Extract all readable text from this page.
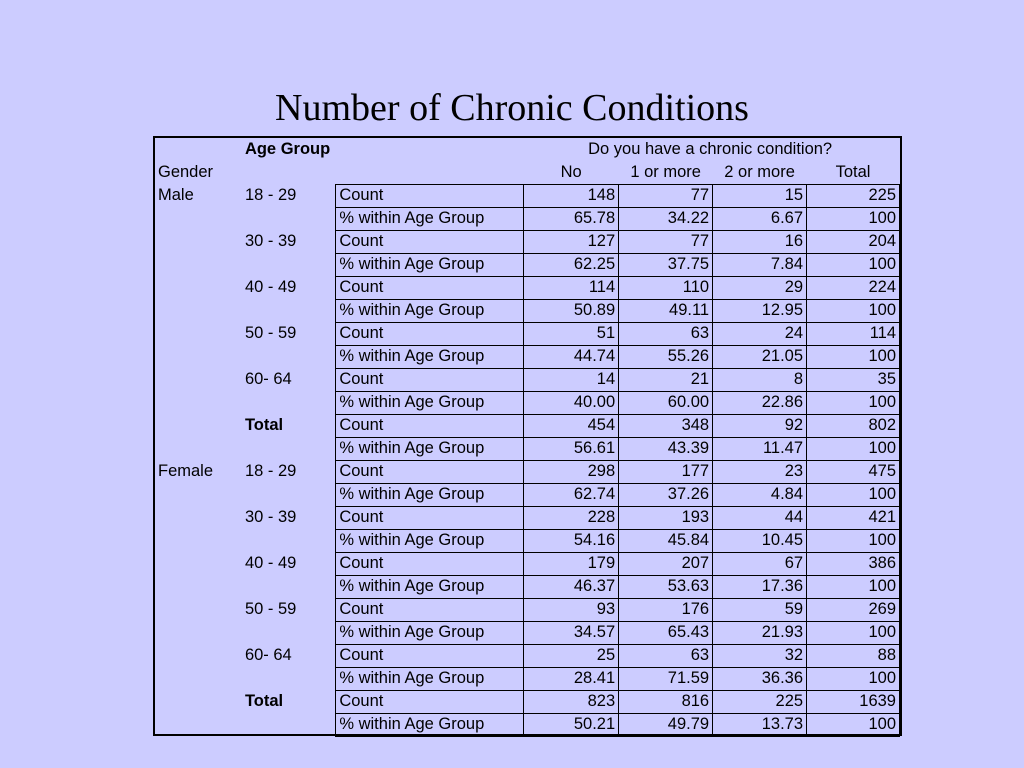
Number of Chronic Conditions
	Age Group		Do you have a chronic condition?			
Gender			No	1 or more	2 or more	Total
Male	18 - 29	Count	148	77	15	225
		% within Age Group	65.78	34.22	6.67	100
	30 - 39	Count	127	77	16	204
		% within Age Group	62.25	37.75	7.84	100
	40 - 49	Count	114	110	29	224
		% within Age Group	50.89	49.11	12.95	100
	50 - 59	Count	51	63	24	114
		% within Age Group	44.74	55.26	21.05	100
	60- 64	Count	14	21	8	35
		% within Age Group	40.00	60.00	22.86	100
	Total	Count	454	348	92	802
		% within Age Group	56.61	43.39	11.47	100
Female	18 - 29	Count	298	177	23	475
		% within Age Group	62.74	37.26	4.84	100
	30 - 39	Count	228	193	44	421
		% within Age Group	54.16	45.84	10.45	100
	40 - 49	Count	179	207	67	386
		% within Age Group	46.37	53.63	17.36	100
	50 - 59	Count	93	176	59	269
		% within Age Group	34.57	65.43	21.93	100
	60- 64	Count	25	63	32	88
		% within Age Group	28.41	71.59	36.36	100
	Total	Count	823	816	225	1639
		% within Age Group	50.21	49.79	13.73	100
